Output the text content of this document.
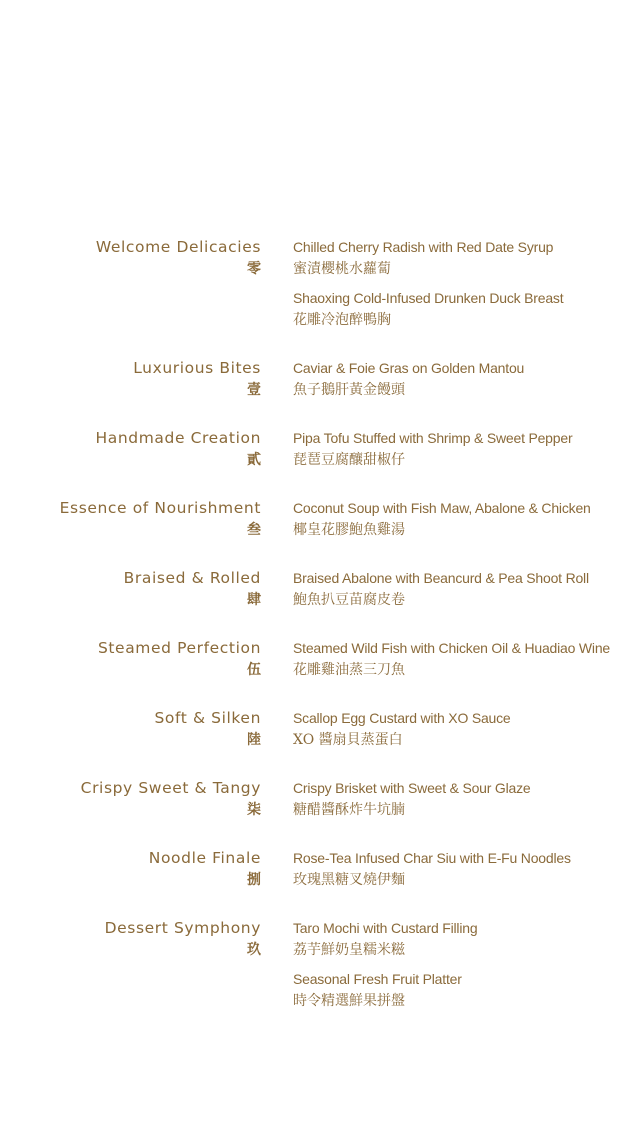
Welcome Delicacies
零
Chilled Cherry Radish with Red Date Syrup
蜜漬櫻桃水蘿蔔
Shaoxing Cold-Infused Drunken Duck Breast
花雕冷泡醉鴨胸
Luxurious Bites
壹
Caviar & Foie Gras on Golden Mantou
魚子鵝肝黃金饅頭
Handmade Creation
貳
Pipa Tofu Stuffed with Shrimp & Sweet Pepper
琵琶豆腐釀甜椒仔
Essence of Nourishment
叁
Coconut Soup with Fish Maw, Abalone & Chicken
椰皇花膠鮑魚雞湯
Braised & Rolled
肆
Braised Abalone with Beancurd & Pea Shoot Roll
鮑魚扒豆苗腐皮卷
Steamed Perfection
伍
Steamed Wild Fish with Chicken Oil & Huadiao Wine
花雕雞油蒸三刀魚
Soft & Silken
陸
Scallop Egg Custard with XO Sauce
XO 醬扇貝蒸蛋白
Crispy Sweet & Tangy
柒
Crispy Brisket with Sweet & Sour Glaze
糖醋醬酥炸牛坑腩
Noodle Finale
捌
Rose-Tea Infused Char Siu with E-Fu Noodles
玫瑰黑糖叉燒伊麵
Dessert Symphony
玖
Taro Mochi with Custard Filling
荔芋鮮奶皇糯米糍
Seasonal Fresh Fruit Platter
時令精選鮮果拼盤
